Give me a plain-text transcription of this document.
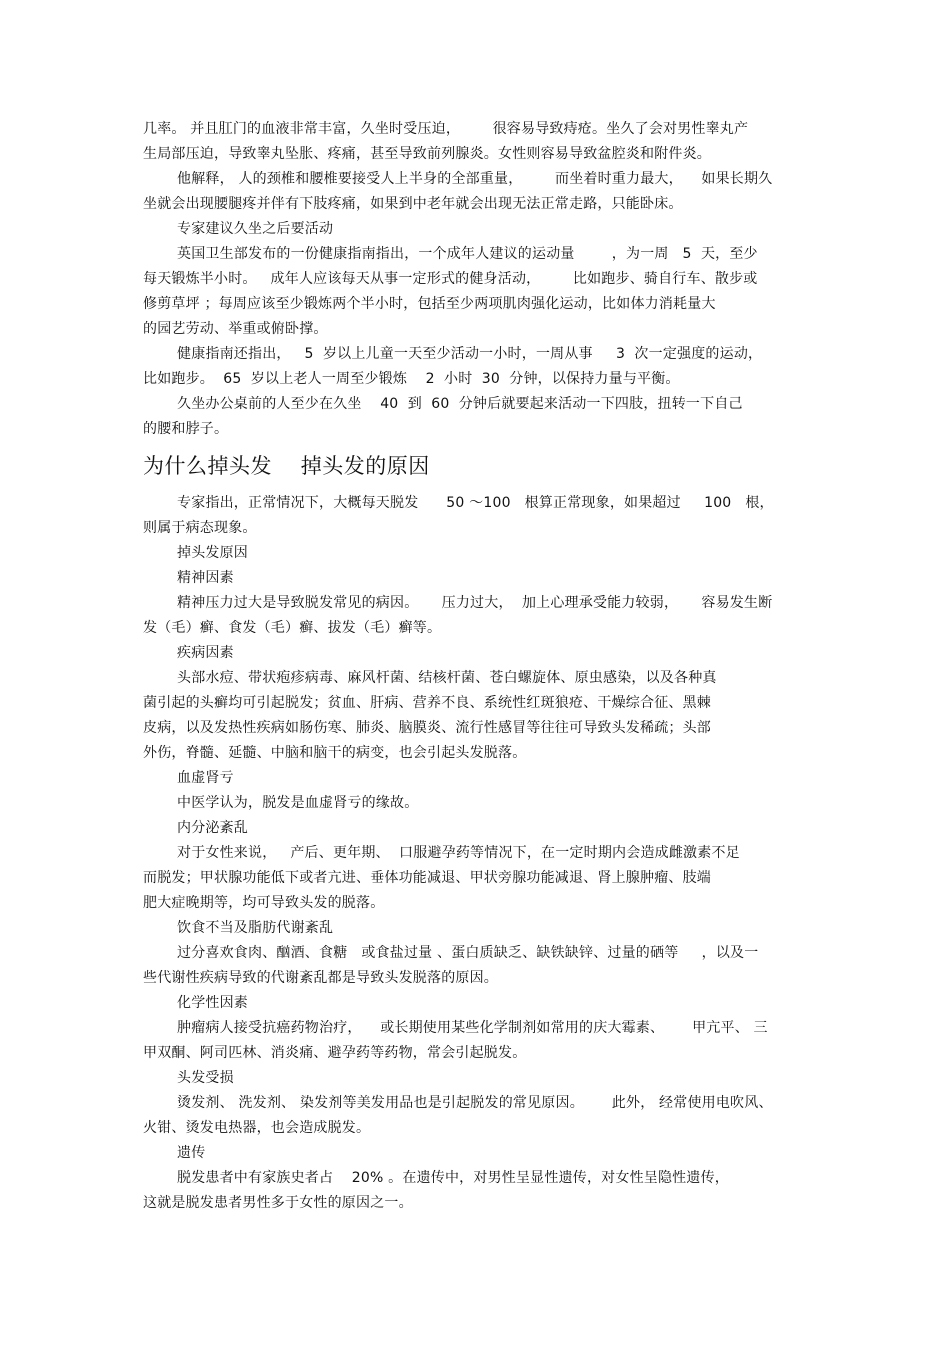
几率。 并且肛门的血液非常丰富，久坐时受压迫，       很容易导致痔疮。坐久了会对男性睾丸产
生局部压迫，导致睾丸坠胀、疼痛，甚至导致前列腺炎。女性则容易导致盆腔炎和附件炎。
他解释， 人的颈椎和腰椎要接受人上半身的全部重量，       而坐着时重力最大，    如果长期久
坐就会出现腰腿疼并伴有下肢疼痛，如果到中老年就会出现无法正常走路，只能卧床。
专家建议久坐之后要活动
英国卫生部发布的一份健康指南指出，一个成年人建议的运动量        ，为一周   5  天，至少
每天锻炼半小时。   成年人应该每天从事一定形式的健身活动，       比如跑步、骑自行车、散步或
修剪草坪 ；每周应该至少锻炼两个半小时，包括至少两项肌肉强化运动，比如体力消耗量大
的园艺劳动、举重或俯卧撑。
健康指南还指出，   5  岁以上儿童一天至少活动一小时，一周从事     3  次一定强度的运动，
比如跑步。  65  岁以上老人一周至少锻炼    2  小时  30  分钟，以保持力量与平衡。
久坐办公桌前的人至少在久坐    40  到  60  分钟后就要起来活动一下四肢，扭转一下自己
的腰和脖子。
为什么掉头发    掉头发的原因
专家指出，正常情况下，大概每天脱发      50 ～100   根算正常现象，如果超过     100   根，
则属于病态现象。
掉头发原因
精神因素
精神压力过大是导致脱发常见的病因。     压力过大，  加上心理承受能力较弱，     容易发生断
发（毛）癣、食发（毛）癣、拔发（毛）癣等。
疾病因素
头部水痘、带状疱疹病毒、麻风杆菌、结核杆菌、苍白螺旋体、原虫感染，以及各种真
菌引起的头癣均可引起脱发；贫血、肝病、营养不良、系统性红斑狼疮、干燥综合征、黑棘
皮病，以及发热性疾病如肠伤寒、肺炎、脑膜炎、流行性感冒等往往可导致头发稀疏；头部
外伤，脊髓、延髓、中脑和脑干的病变，也会引起头发脱落。
血虚肾亏
中医学认为，脱发是血虚肾亏的缘故。
内分泌紊乱
对于女性来说，   产后、更年期、  口服避孕药等情况下，在一定时期内会造成雌激素不足
而脱发；甲状腺功能低下或者亢进、垂体功能减退、甲状旁腺功能减退、肾上腺肿瘤、肢端
肥大症晚期等，均可导致头发的脱落。
饮食不当及脂肪代谢紊乱
过分喜欢食肉、酗酒、食糖   或食盐过量 、蛋白质缺乏、缺铁缺锌、过量的硒等     ，以及一
些代谢性疾病导致的代谢紊乱都是导致头发脱落的原因。
化学性因素
肿瘤病人接受抗癌药物治疗，    或长期使用某些化学制剂如常用的庆大霉素、      甲亢平、 三
甲双酮、阿司匹林、消炎痛、避孕药等药物，常会引起脱发。
头发受损
烫发剂、 洗发剂、 染发剂等美发用品也是引起脱发的常见原因。      此外， 经常使用电吹风、
火钳、烫发电热器，也会造成脱发。
遗传
脱发患者中有家族史者占    20% 。在遗传中，对男性呈显性遗传，对女性呈隐性遗传，
这就是脱发患者男性多于女性的原因之一。
